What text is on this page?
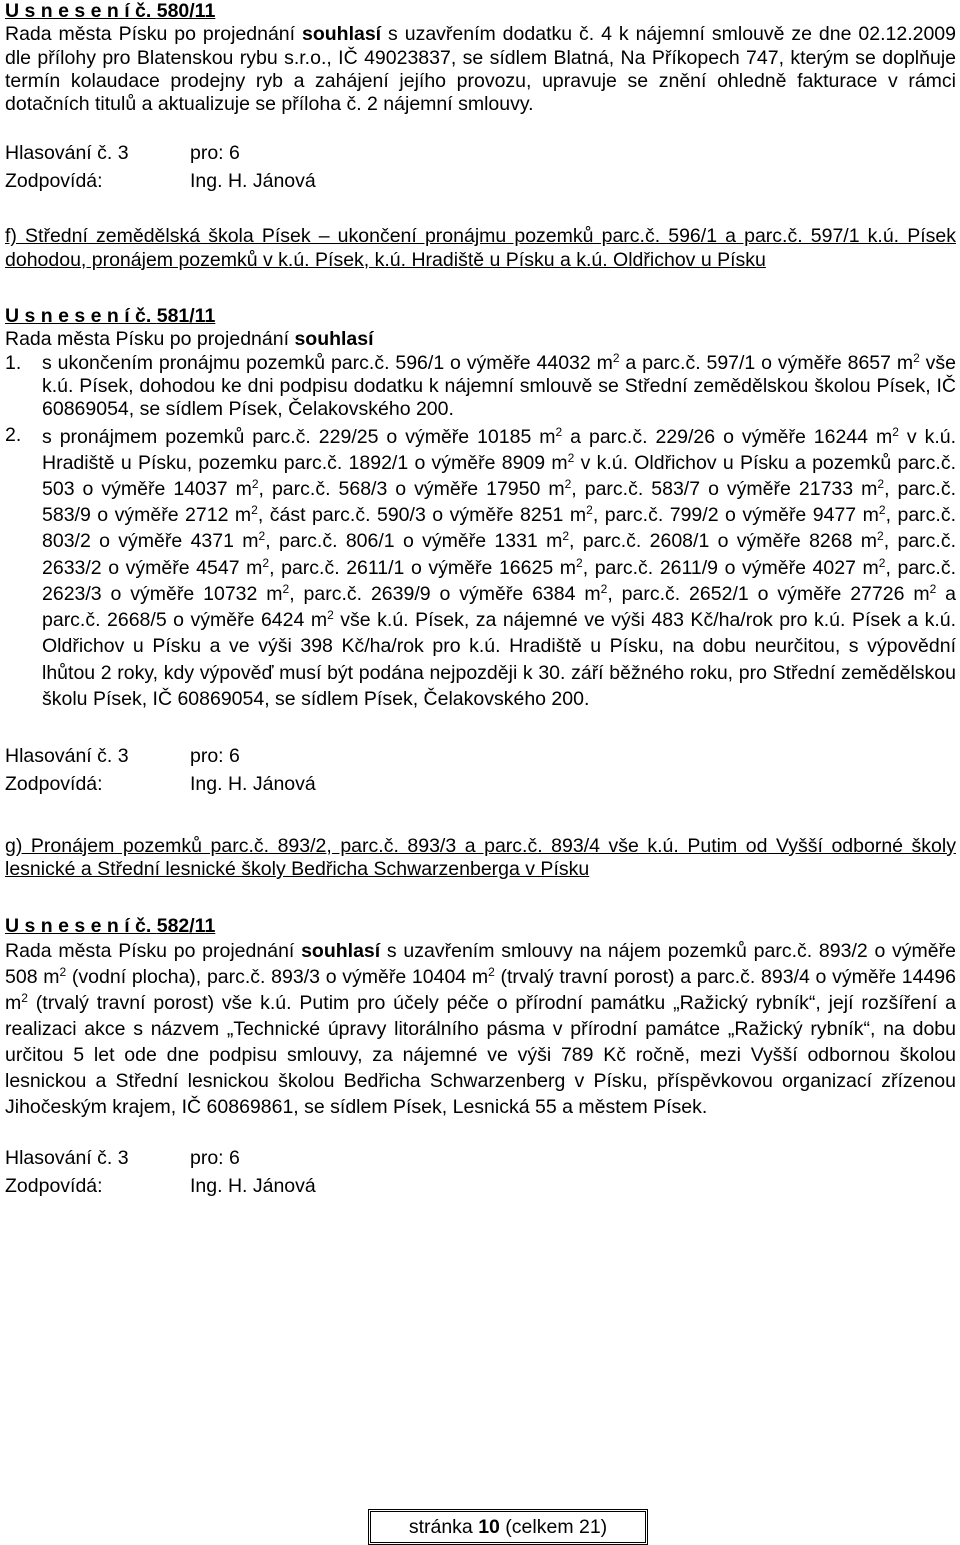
U s n e s e n í č. 580/11

Rada města Písku po projednání souhlasí s uzavřením dodatku č. 4 k nájemní smlouvě ze dne 02.12.2009 dle přílohy pro Blatenskou rybu s.r.o., IČ 49023837, se sídlem Blatná, Na Příkopech 747, kterým se doplňuje termín kolaudace prodejny ryb a zahájení jejího provozu, upravuje se znění ohledně fakturace v rámci dotačních titulů a aktualizuje se příloha č. 2 nájemní smlouvy.

Hlasování č. 3	pro: 6
Zodpovídá:	Ing. H. Jánová

f) Střední zemědělská škola Písek – ukončení pronájmu pozemků parc.č. 596/1 a parc.č. 597/1 k.ú. Písek dohodou, pronájem pozemků v k.ú. Písek, k.ú. Hradiště u Písku a k.ú. Oldřichov u Písku

U s n e s e n í č. 581/11

Rada města Písku po projednání souhlasí

1.	s ukončením pronájmu pozemků parc.č. 596/1 o výměře 44032 $m^2$ a parc.č. 597/1 o výměře 8657 $m^2$ vše k.ú. Písek, dohodou ke dni podpisu dodatku k nájemní smlouvě se Střední zemědělskou školou Písek, IČ 60869054, se sídlem Písek, Čelakovského 200.
2.	s pronájmem pozemků parc.č. 229/25 o výměře 10185 $m^2$ a parc.č. 229/26 o výměře 16244 $m^2$ v k.ú. Hradiště u Písku, pozemku parc.č. 1892/1 o výměře 8909 $m^2$ v k.ú. Oldřichov u Písku a pozemků parc.č. 503 o výměře 14037 $m^2$, parc.č. 568/3 o výměře 17950 $m^2$, parc.č. 583/7 o výměře 21733 $m^2$, parc.č. 583/9 o výměře 2712 $m^2$, část parc.č. 590/3 o výměře 8251 $m^2$, parc.č. 799/2 o výměře 9477 $m^2$, parc.č. 803/2 o výměře 4371 $m^2$, parc.č. 806/1 o výměře 1331 $m^2$, parc.č. 2608/1 o výměře 8268 $m^2$, parc.č. 2633/2 o výměře 4547 $m^2$, parc.č. 2611/1 o výměře 16625 $m^2$, parc.č. 2611/9 o výměře 4027 $m^2$, parc.č. 2623/3 o výměře 10732 $m^2$, parc.č. 2639/9 o výměře 6384 $m^2$, parc.č. 2652/1 o výměře 27726 $m^2$ a parc.č. 2668/5 o výměře 6424 $m^2$ vše k.ú. Písek, za nájemné ve výši 483 Kč/ha/rok pro k.ú. Písek a k.ú. Oldřichov u Písku a ve výši 398 Kč/ha/rok pro k.ú. Hradiště u Písku, na dobu neurčitou, s výpovědní lhůtou 2 roky, kdy výpověď musí být podána nejpozději k 30. září běžného roku, pro Střední zemědělskou školu Písek, IČ 60869054, se sídlem Písek, Čelakovského 200.
Hlasování č. 3	pro: 6
Zodpovídá:	Ing. H. Jánová

g) Pronájem pozemků parc.č. 893/2, parc.č. 893/3 a parc.č. 893/4 vše k.ú. Putim od Vyšší odborné školy lesnické a Střední lesnické školy Bedřicha Schwarzenberga v Písku

U s n e s e n í č. 582/11

Rada města Písku po projednání souhlasí s uzavřením smlouvy na nájem pozemků parc.č. 893/2 o výměře 508 $m^2$ (vodní plocha), parc.č. 893/3 o výměře 10404 $m^2$ (trvalý travní porost) a parc.č. 893/4 o výměře 14496 $m^2$ (trvalý travní porost) vše k.ú. Putim pro účely péče o přírodní památku „Ražický rybník“, její rozšíření a realizaci akce s názvem „Technické úpravy litorálního pásma v přírodní památce „Ražický rybník“, na dobu určitou 5 let ode dne podpisu smlouvy, za nájemné ve výši 789 Kč ročně, mezi Vyšší odbornou školou lesnickou a Střední lesnickou školou Bedřicha Schwarzenberg v Písku, příspěvkovou organizací zřízenou Jihočeským krajem, IČ 60869861, se sídlem Písek, Lesnická 55 a městem Písek.

Hlasování č. 3	pro: 6
Zodpovídá:	Ing. H. Jánová
stránka 10 (celkem 21)
